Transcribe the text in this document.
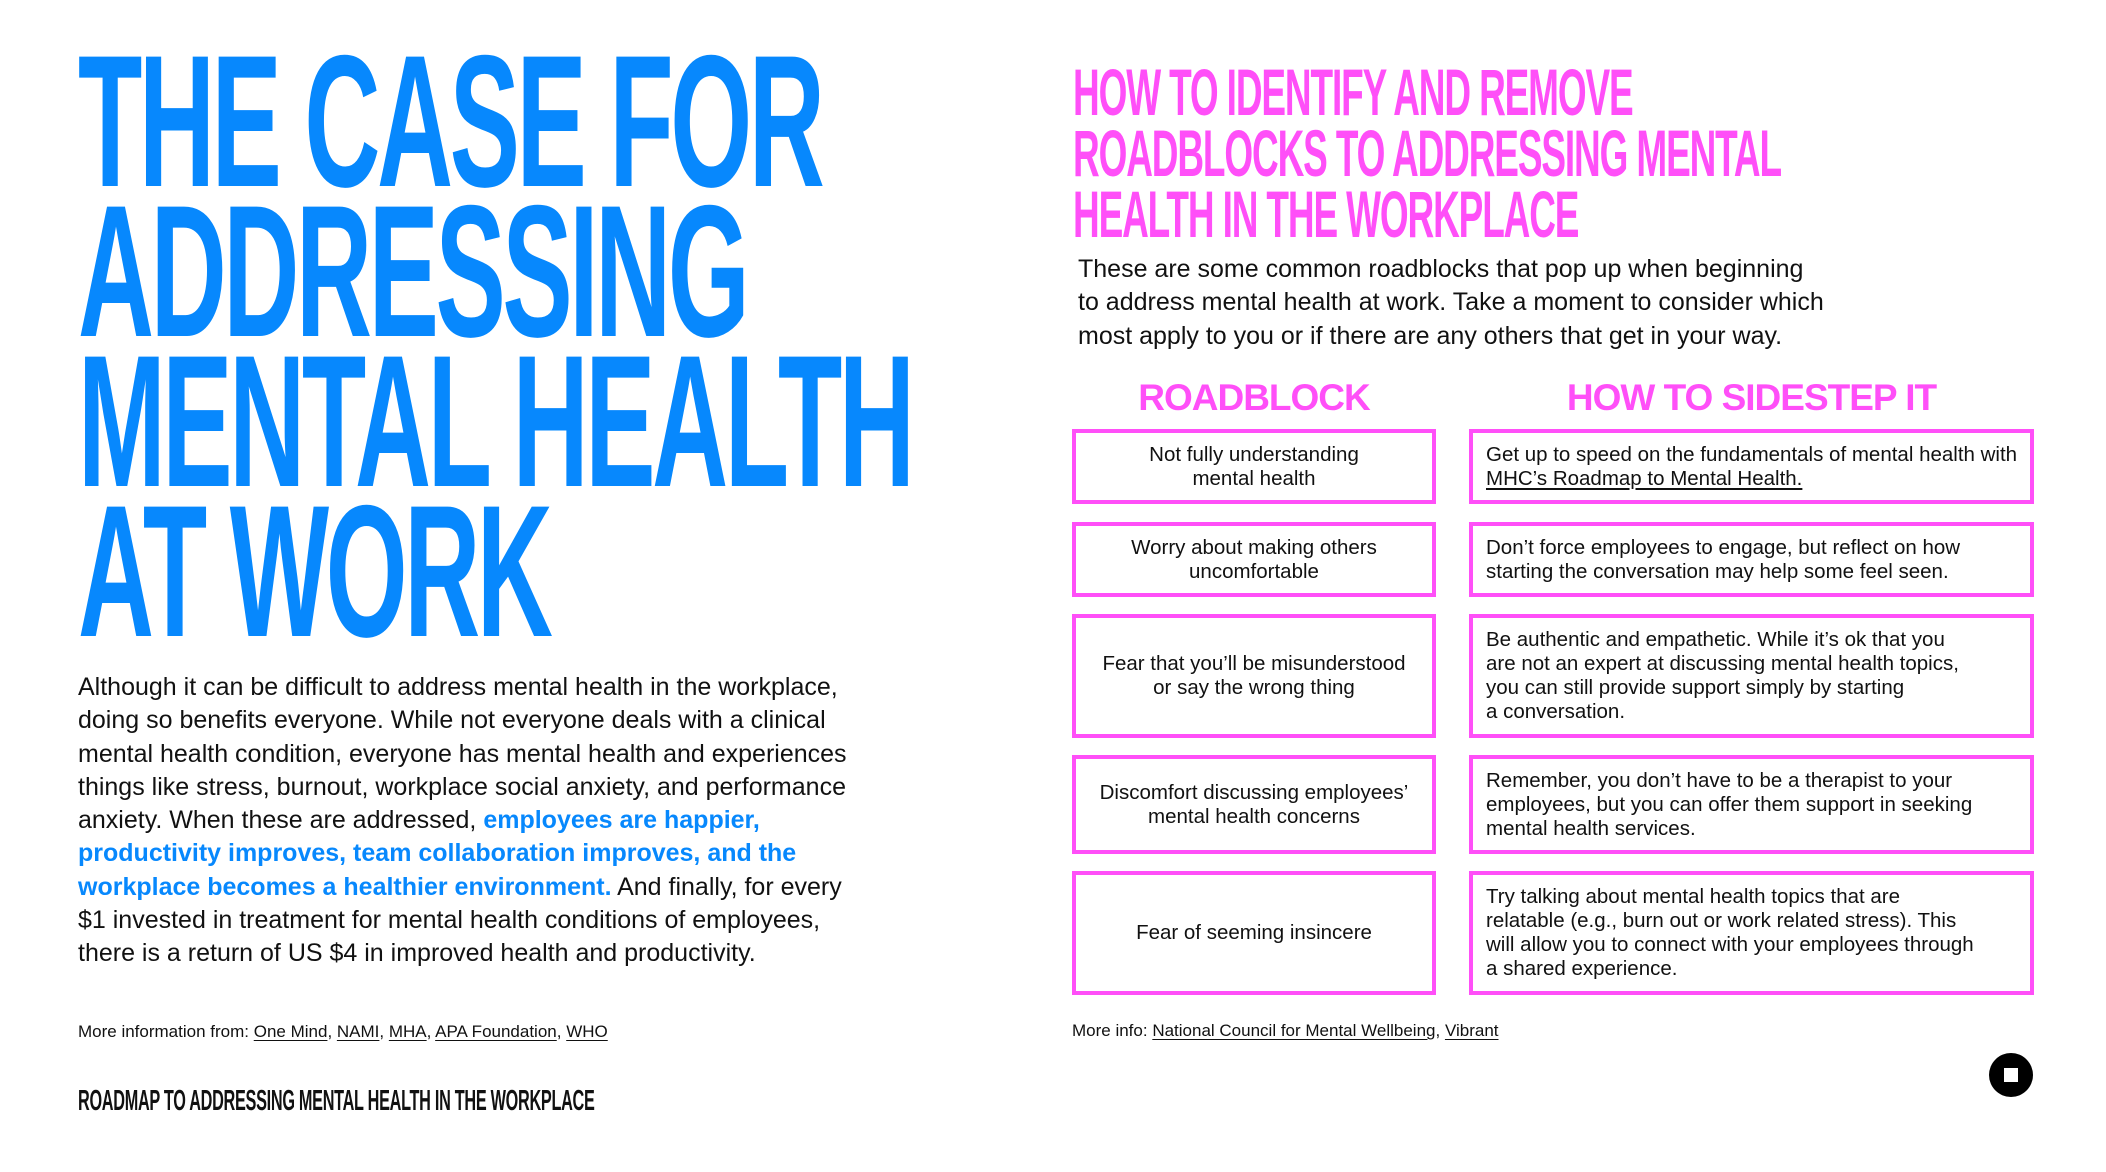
THE CASE FOR
ADDRESSING
MENTAL HEALTH
AT WORK

Although it can be difficult to address mental health in the workplace, doing so benefits everyone. While not everyone deals with a clinical mental health condition, everyone has mental health and experiences things like stress, burnout, workplace social anxiety, and performance anxiety. When these are addressed, employees are happier, productivity improves, team collaboration improves, and the workplace becomes a healthier environment. And finally, for every $1 invested in treatment for mental health conditions of employees, there is a return of US $4 in improved health and productivity.

More information from: One Mind, NAMI, MHA, APA Foundation, WHO
ROADMAP TO ADDRESSING MENTAL HEALTH IN THE WORKPLACE
HOW TO IDENTIFY AND REMOVE
ROADBLOCKS TO ADDRESSING MENTAL
HEALTH IN THE WORKPLACE

These are some common roadblocks that pop up when beginning
to address mental health at work. Take a moment to consider which
most apply to you or if there are any others that get in your way.

ROADBLOCK	HOW TO SIDESTEP IT
Not fully understanding
mental health
Get up to speed on the fundamentals of mental health with MHC’s Roadmap to Mental Health.
Worry about making others
uncomfortable
Don’t force employees to engage, but reflect on how
starting the conversation may help some feel seen.
Fear that you’ll be misunderstood
or say the wrong thing
Be authentic and empathetic. While it’s ok that you
are not an expert at discussing mental health topics,
you can still provide support simply by starting
a conversation.
Discomfort discussing employees’
mental health concerns
Remember, you don’t have to be a therapist to your
employees, but you can offer them support in seeking
mental health services.
Fear of seeming insincere
Try talking about mental health topics that are
relatable (e.g., burn out or work related stress). This
will allow you to connect with your employees through
a shared experience.
More info: National Council for Mental Wellbeing, Vibrant
